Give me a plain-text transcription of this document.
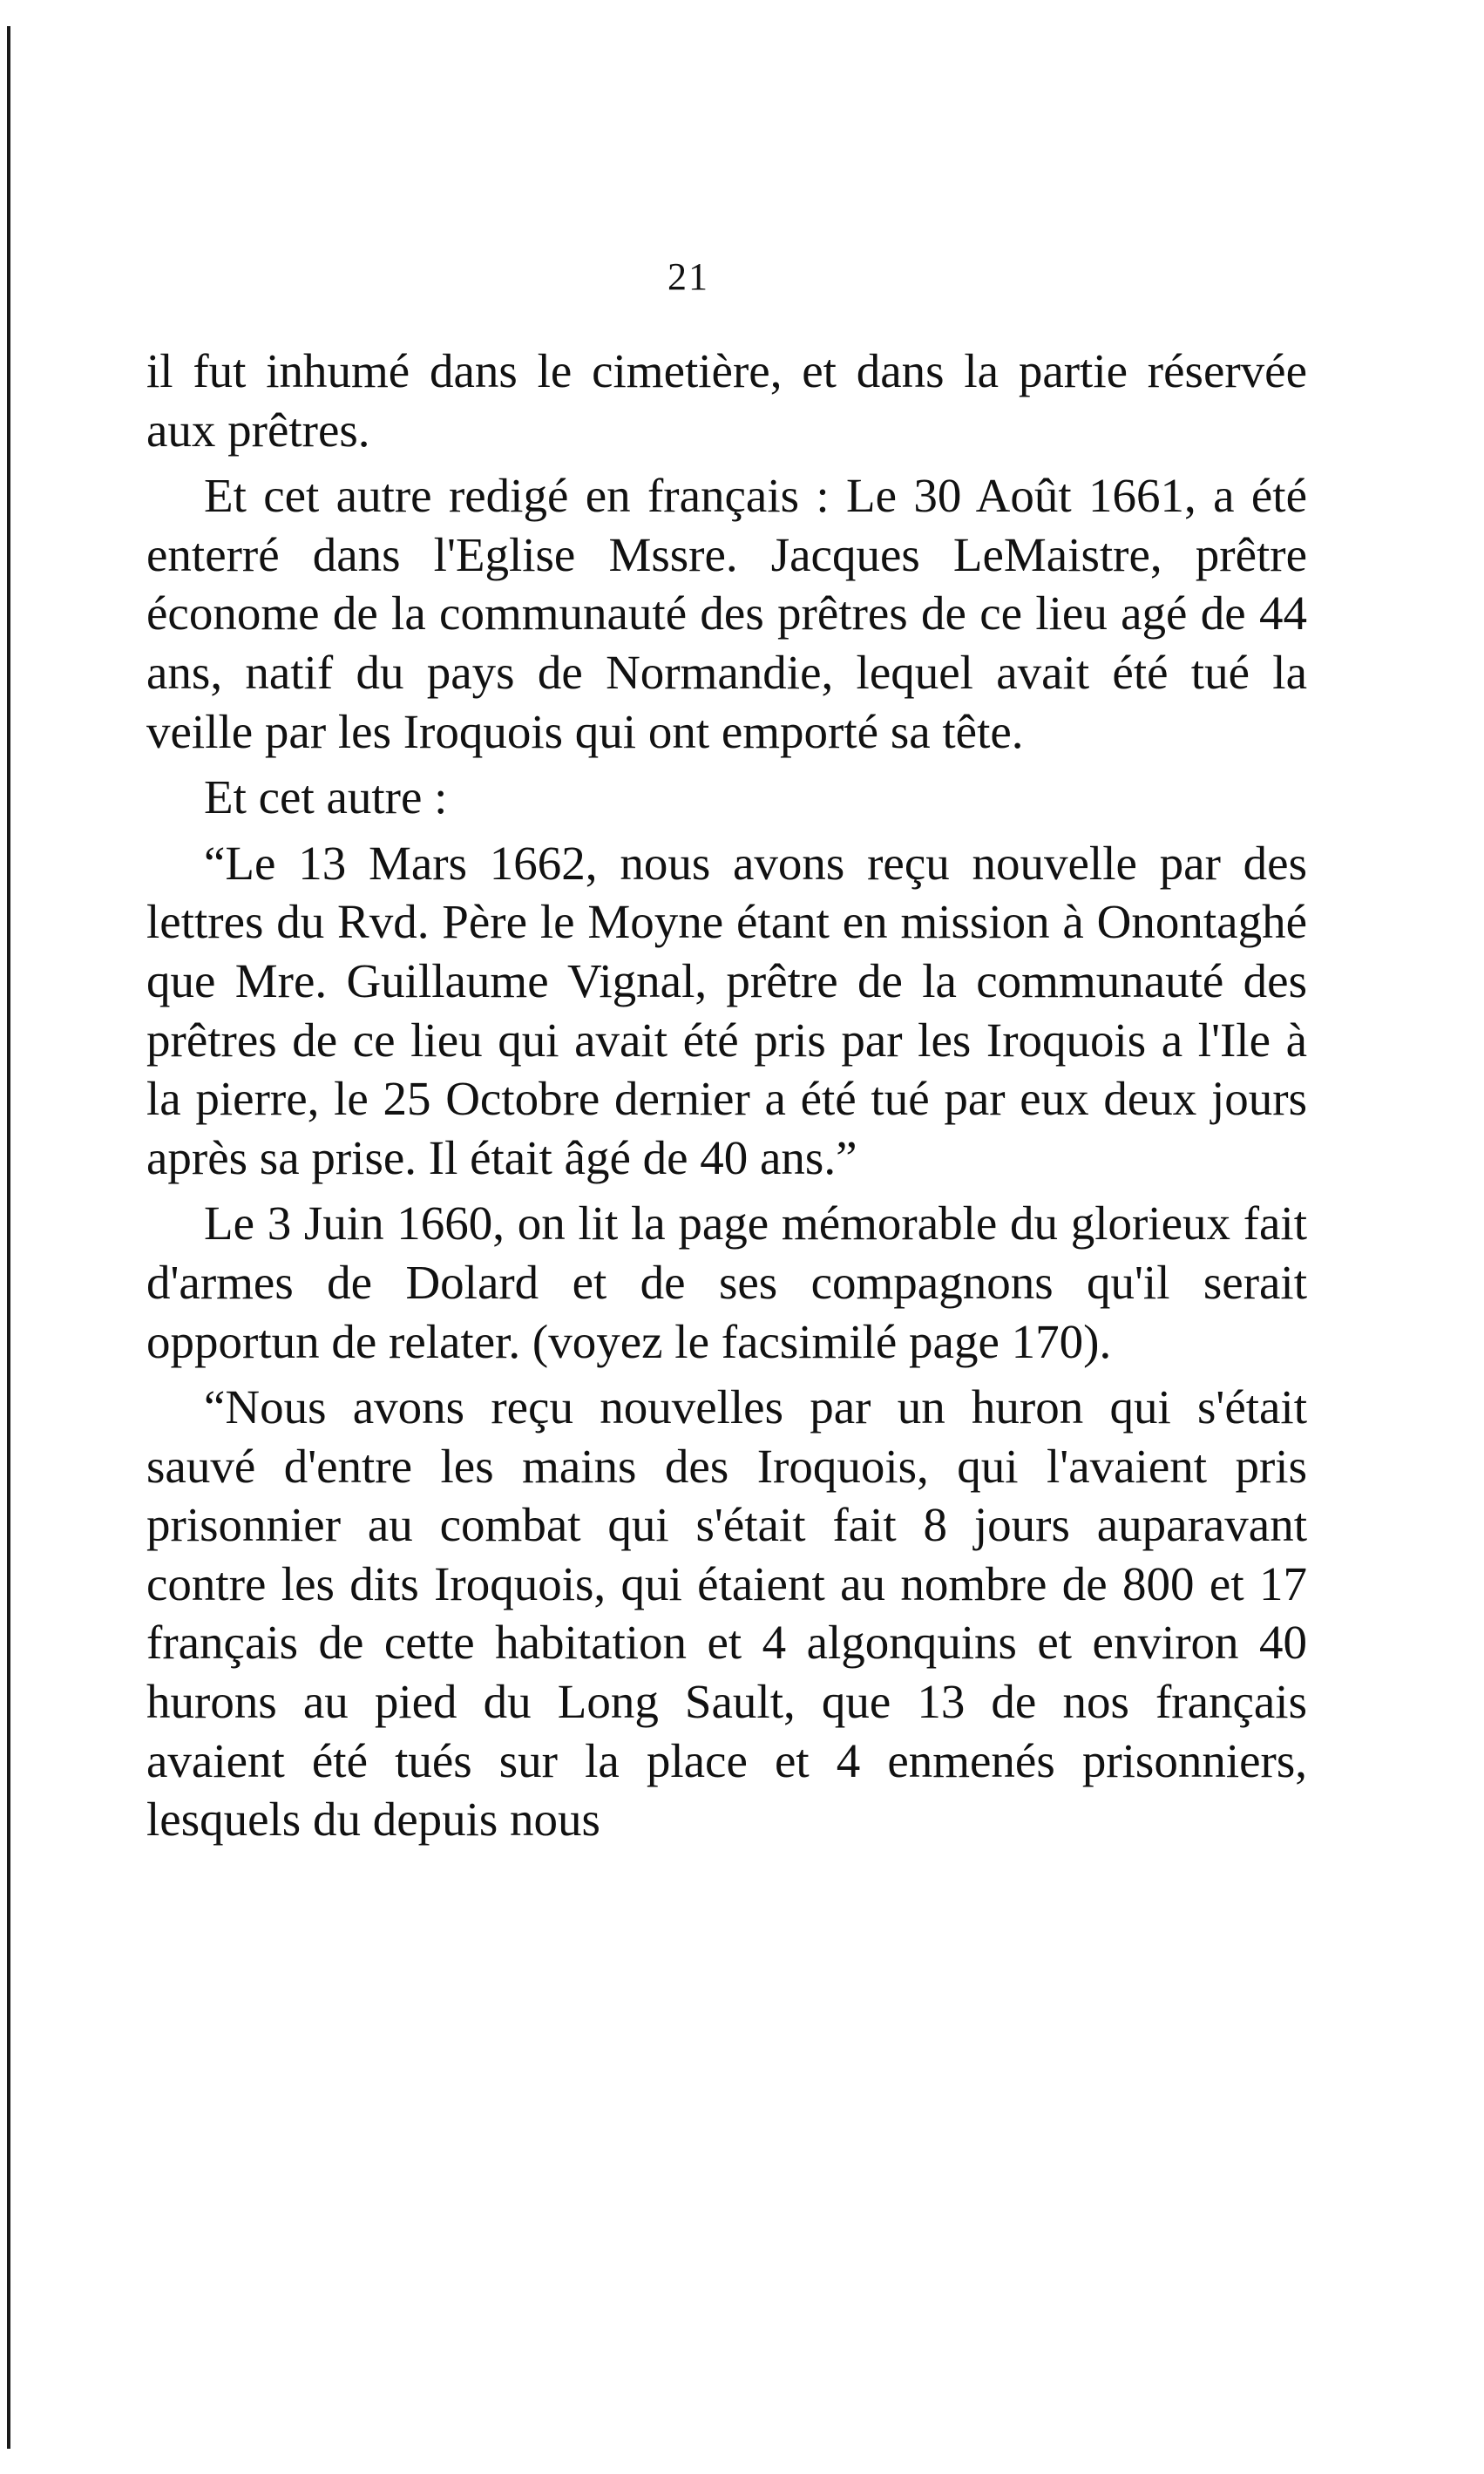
21

il fut inhumé dans le cimetière, et dans la partie réservée aux prêtres.

Et cet autre redigé en français : Le 30 Août 1661, a été enterré dans l'Eglise Mssre. Jacques LeMaistre, prêtre économe de la communauté des prêtres de ce lieu agé de 44 ans, natif du pays de Normandie, lequel avait été tué la veille par les Iroquois qui ont emporté sa tête.

Et cet autre :

“Le 13 Mars 1662, nous avons reçu nouvelle par des lettres du Rvd. Père le Moyne étant en mission à Onontaghé que Mre. Guillaume Vignal, prêtre de la communauté des prêtres de ce lieu qui avait été pris par les Iroquois a l'Ile à la pierre, le 25 Octobre dernier a été tué par eux deux jours après sa prise. Il était âgé de 40 ans.”

Le 3 Juin 1660, on lit la page mémorable du glorieux fait d'armes de Dolard et de ses compagnons qu'il serait opportun de relater. (voyez le facsimilé page 170).

“Nous avons reçu nouvelles par un huron qui s'était sauvé d'entre les mains des Iroquois, qui l'avaient pris prisonnier au combat qui s'était fait 8 jours auparavant contre les dits Iroquois, qui étaient au nombre de 800 et 17 français de cette habitation et 4 algonquins et environ 40 hurons au pied du Long Sault, que 13 de nos français avaient été tués sur la place et 4 enmenés prisonniers, lesquels du depuis nous
